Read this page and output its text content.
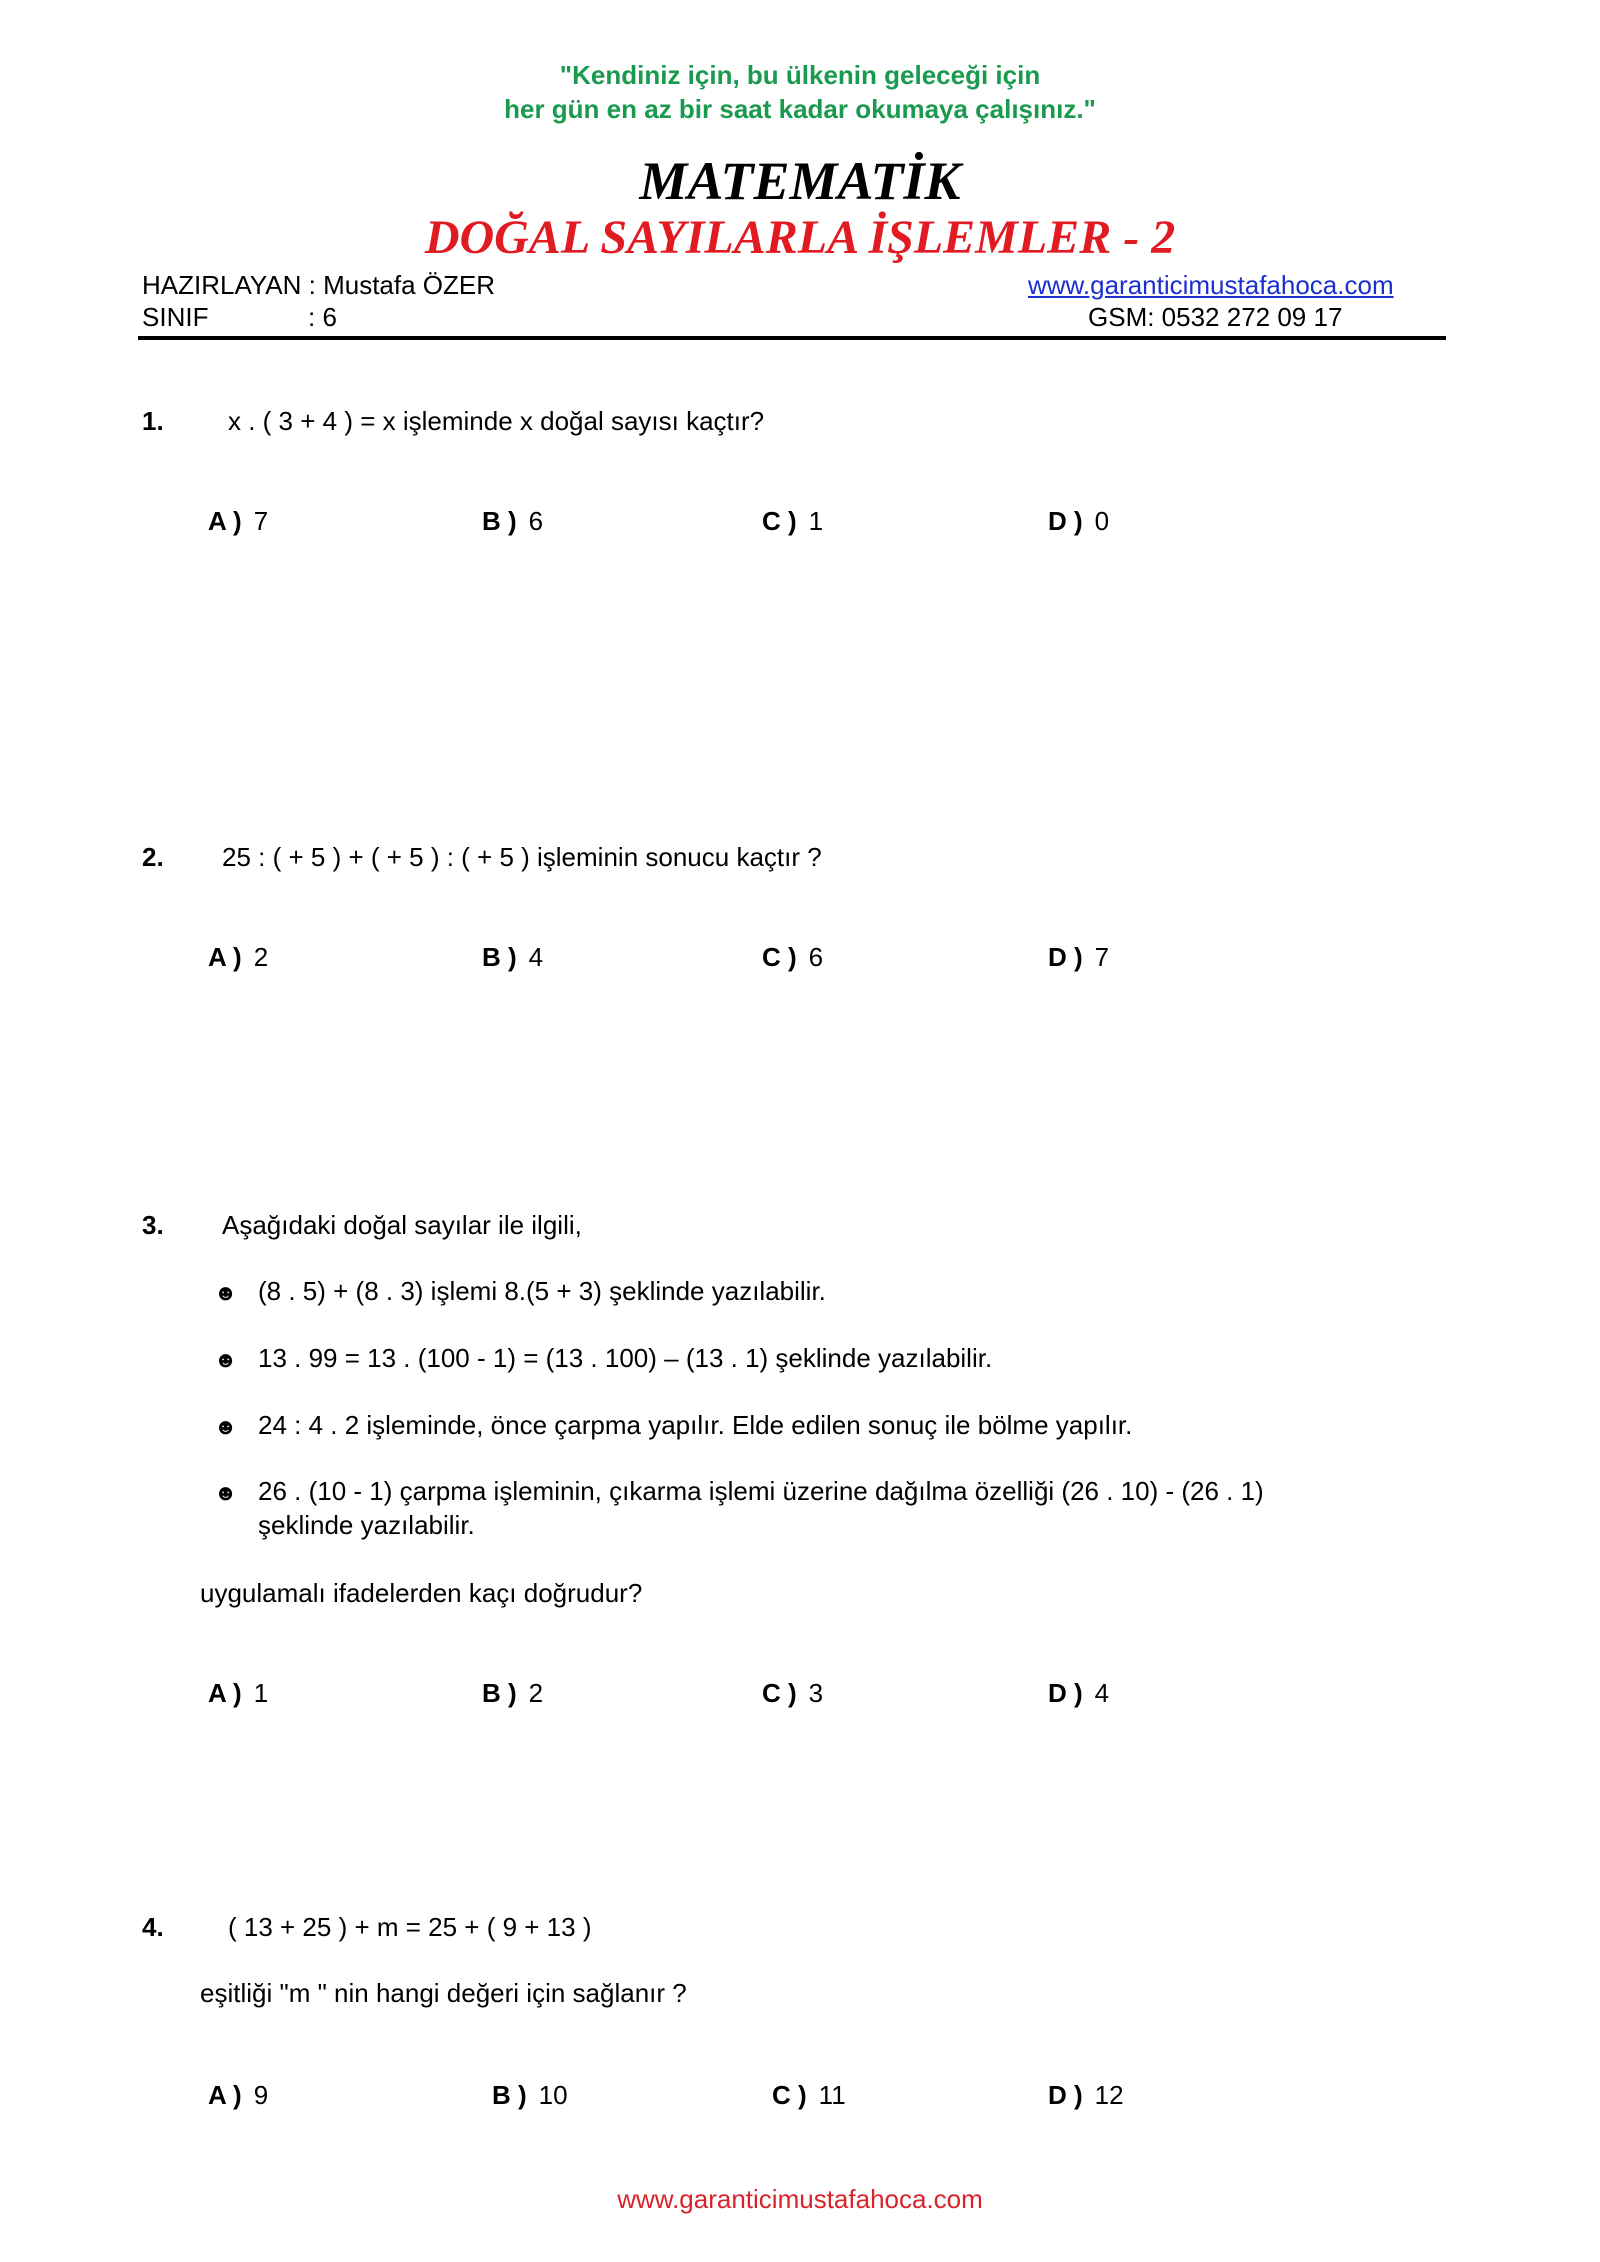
"Kendiniz için, bu ülkenin geleceği için
her gün en az bir saat kadar okumaya çalışınız."
MATEMATİK
DOĞAL SAYILARLA İŞLEMLER - 2
HAZIRLAYAN : Mustafa ÖZER
SINIF	: 6
www.garanticimustafahoca.com
GSM: 0532 272 09 17
1. x . ( 3 + 4 ) = x işleminde x doğal sayısı kaçtır?
A ) 7	B ) 6	C ) 1	D ) 0
2. 25 : ( + 5 ) + ( + 5 ) : ( + 5 ) işleminin sonucu kaçtır ?
A ) 2	B ) 4	C ) 6	D ) 7
3. Aşağıdaki doğal sayılar ile ilgili,
☻ (8 . 5) + (8 . 3) işlemi 8.(5 + 3) şeklinde yazılabilir.
☻ 13 . 99 = 13 . (100 - 1) = (13 . 100) – (13 . 1) şeklinde yazılabilir.
☻ 24 : 4 . 2 işleminde, önce çarpma yapılır. Elde edilen sonuç ile bölme yapılır.
☻ 26 . (10 - 1) çarpma işleminin, çıkarma işlemi üzerine dağılma özelliği (26 . 10) - (26 . 1)
şeklinde yazılabilir.
uygulamalı ifadelerden kaçı doğrudur?
A ) 1	B ) 2	C ) 3	D ) 4
4. ( 13 + 25 ) + m = 25 + ( 9 + 13 )
eşitliği "m " nin hangi değeri için sağlanır ?
A ) 9	B ) 10	C ) 11	D ) 12
www.garanticimustafahoca.com
